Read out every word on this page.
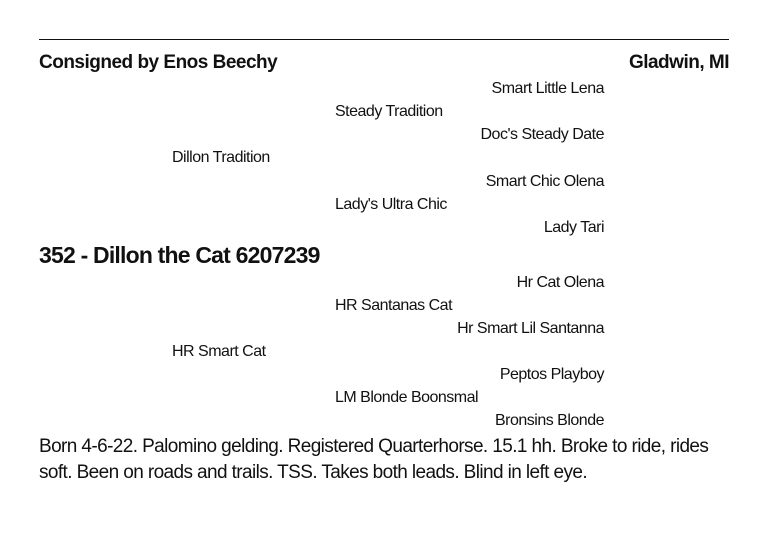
Consigned by Enos Beechy	Gladwin, MI
Smart Little Lena
Steady Tradition
Doc's Steady Date
Dillon Tradition
Smart Chic Olena
Lady's Ultra Chic
Lady Tari
352 - Dillon the Cat 6207239
Hr Cat Olena
HR Santanas Cat
Hr Smart Lil Santanna
HR Smart Cat
Peptos Playboy
LM Blonde Boonsmal
Bronsins Blonde
Born 4-6-22. Palomino gelding. Registered Quarterhorse. 15.1 hh. Broke to ride, rides soft. Been on roads and trails. TSS. Takes both leads. Blind in left eye.
